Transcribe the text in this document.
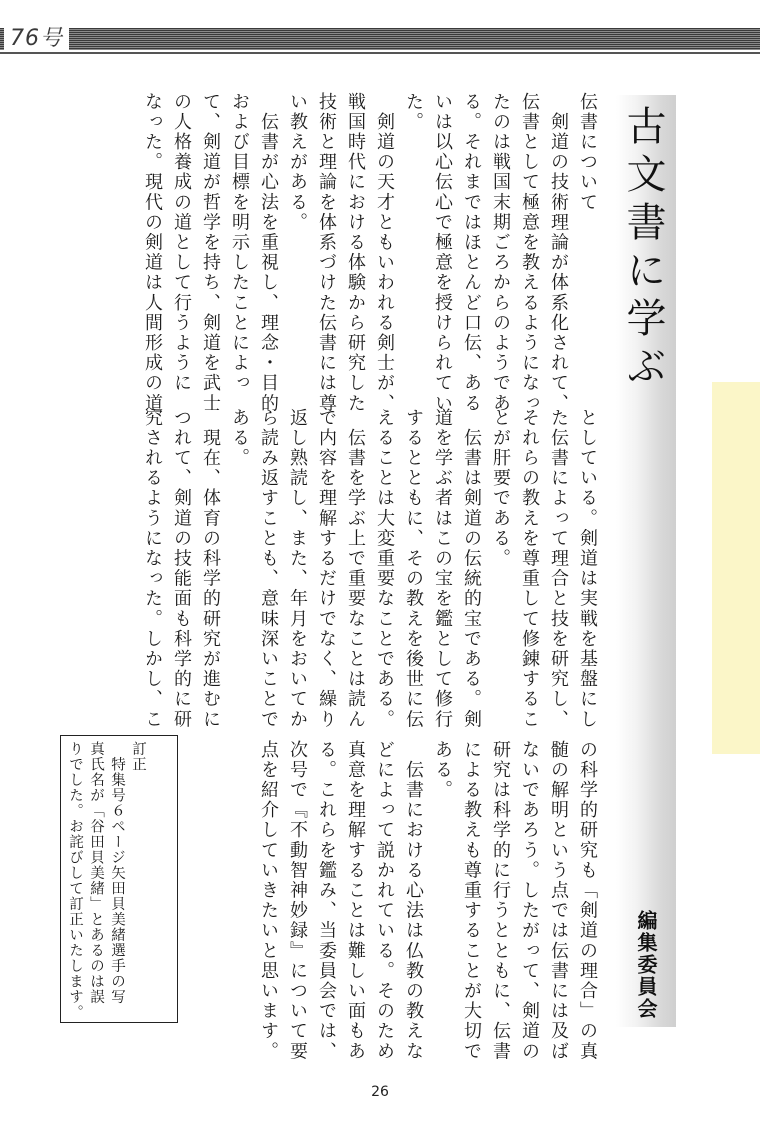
76号
古文書に学ぶ
編集委員会
伝書について
　剣道の技術理論が体系化されて、
伝書として極意を教えるようになっ
たのは戦国末期ごろからのようであ
る。それまではほとんど口伝、ある
いは以心伝心で極意を授けられてい
た。
　剣道の天才ともいわれる剣士が、
戦国時代における体験から研究した
技術と理論を体系づけた伝書には尊
い教えがある。
　伝書が心法を重視し、理念・目的
および目標を明示したことによっ
て、剣道が哲学を持ち、剣道を武士
の人格養成の道として行うように
なった。現代の剣道は人間形成の道
としている。剣道は実戦を基盤にし
た伝書によって理合と技を研究し、
それらの教えを尊重して修錬するこ
とが肝要である。
　伝書は剣道の伝統的宝である。剣
道を学ぶ者はこの宝を鑑として修行
するとともに、その教えを後世に伝
えることは大変重要なことである。
　伝書を学ぶ上で重要なことは読ん
で内容を理解するだけでなく、繰り
返し熟読し、また、年月をおいてか
ら読み返すことも、意味深いことで
ある。
　現在、体育の科学的研究が進むに
つれて、剣道の技能面も科学的に研
究されるようになった。しかし、こ
の科学的研究も「剣道の理合」の真
髄の解明という点では伝書には及ば
ないであろう。したがって、剣道の
研究は科学的に行うとともに、伝書
による教えも尊重することが大切で
ある。
　伝書における心法は仏教の教えな
どによって説かれている。そのため
真意を理解することは難しい面もあ
る。これらを鑑み、当委員会では、
次号で『不動智神妙録』について要
点を紹介していきたいと思います。
訂正
　特集号６ページ矢田貝美緒選手の写
真氏名が「谷田貝美緒」とあるのは誤
りでした。お詫びして訂正いたします。
26
